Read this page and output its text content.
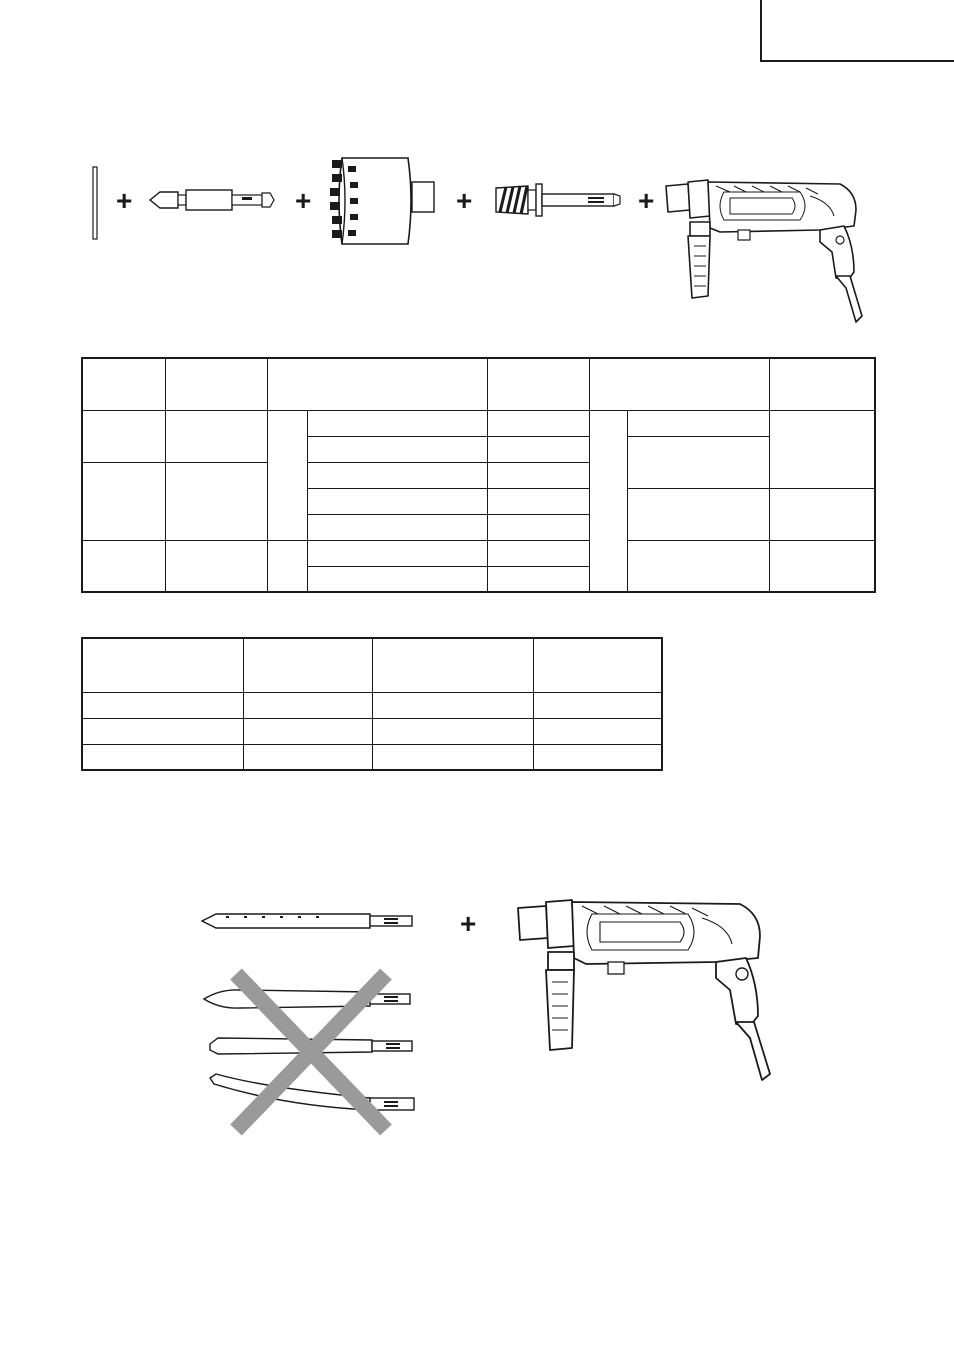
+	+	+	+

+
